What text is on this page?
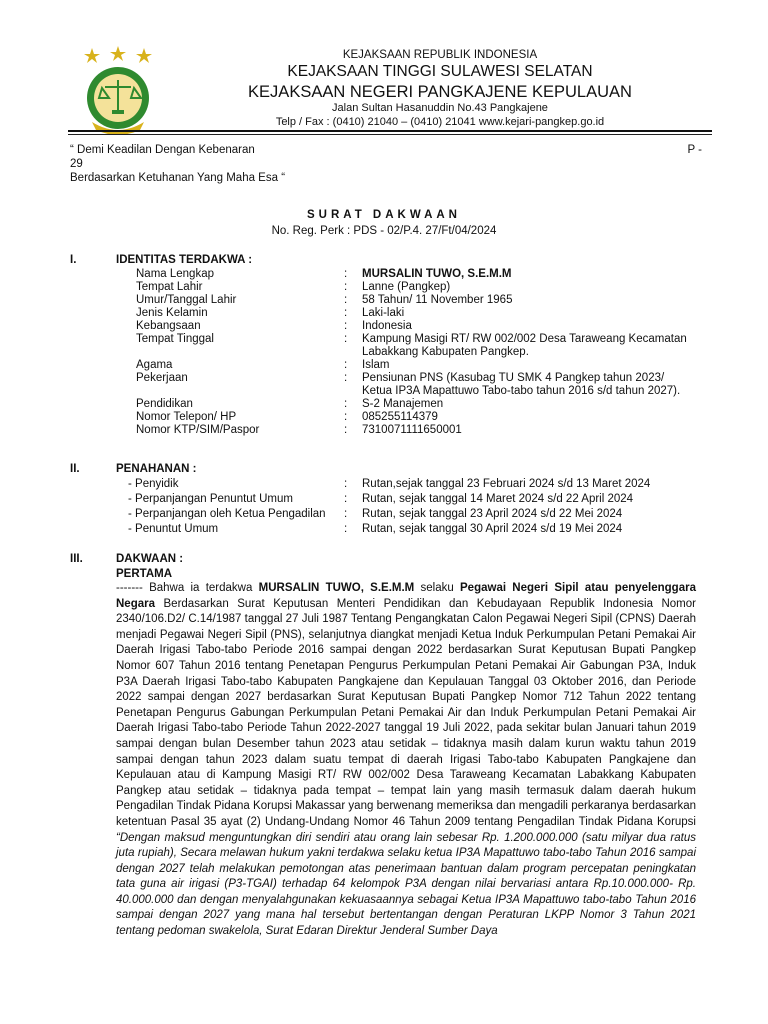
KEJAKSAAN REPUBLIK INDONESIA
KEJAKSAAN TINGGI SULAWESI SELATAN
KEJAKSAAN NEGERI PANGKAJENE KEPULAUAN
Jalan Sultan Hasanuddin No.43 Pangkajene
Telp / Fax : (0410) 21040 – (0410) 21041 www.kejari-pangkep.go.id
“ Demi Keadilan Dengan Kebenaran
29
Berdasarkan Ketuhanan Yang Maha Esa “
P -
SURAT DAKWAAN
No. Reg. Perk : PDS - 02/P.4. 27/Ft/04/2024
I.	IDENTITAS TERDAKWA :
Nama Lengkap	: MURSALIN TUWO, S.E.M.M
Tempat Lahir	: Lanne (Pangkep)
Umur/Tanggal Lahir	: 58 Tahun/ 11 November 1965
Jenis Kelamin	: Laki-laki
Kebangsaan	: Indonesia
Tempat Tinggal	: Kampung Masigi RT/ RW 002/002 Desa Taraweang Kecamatan
Labakkang Kabupaten Pangkep.
Agama	: Islam
Pekerjaan	: Pensiunan PNS (Kasubag TU SMK 4 Pangkep tahun 2023/
Ketua IP3A Mapattuwo Tabo-tabo tahun 2016 s/d tahun 2027).
Pendidikan	: S-2 Manajemen
Nomor Telepon/ HP	: 085255114379
Nomor KTP/SIM/Paspor	: 7310071111650001
II.	PENAHANAN :
- Penyidik	: Rutan,sejak tanggal 23 Februari 2024 s/d 13 Maret 2024
- Perpanjangan Penuntut Umum	: Rutan, sejak tanggal 14 Maret 2024 s/d 22 April 2024
- Perpanjangan oleh Ketua Pengadilan : Rutan, sejak tanggal 23 April 2024 s/d 22 Mei 2024
- Penuntut Umum	: Rutan, sejak tanggal 30 April 2024 s/d 19 Mei 2024
III.	DAKWAAN :
PERTAMA
------- Bahwa ia terdakwa MURSALIN TUWO, S.E.M.M selaku Pegawai Negeri Sipil atau penyelenggara Negara Berdasarkan Surat Keputusan Menteri Pendidikan dan Kebudayaan Republik Indonesia Nomor 2340/106.D2/ C.14/1987 tanggal 27 Juli 1987 Tentang Pengangkatan Calon Pegawai Negeri Sipil (CPNS) Daerah menjadi Pegawai Negeri Sipil (PNS), selanjutnya diangkat menjadi Ketua Induk Perkumpulan Petani Pemakai Air Daerah Irigasi Tabo-tabo Periode 2016 sampai dengan 2022 berdasarkan Surat Keputusan Bupati Pangkep Nomor 607 Tahun 2016 tentang Penetapan Pengurus Perkumpulan Petani Pemakai Air Gabungan P3A, Induk P3A Daerah Irigasi Tabo-tabo Kabupaten Pangkajene dan Kepulauan Tanggal 03 Oktober 2016, dan Periode 2022 sampai dengan 2027 berdasarkan Surat Keputusan Bupati Pangkep Nomor 712 Tahun 2022 tentang Penetapan Pengurus Gabungan Perkumpulan Petani Pemakai Air dan Induk Perkumpulan Petani Pemakai Air Daerah Irigasi Tabo-tabo Periode Tahun 2022-2027 tanggal 19 Juli 2022, pada sekitar bulan Januari tahun 2019 sampai dengan bulan Desember tahun 2023 atau setidak – tidaknya masih dalam kurun waktu tahun 2019 sampai dengan tahun 2023 dalam suatu tempat di daerah Irigasi Tabo-tabo Kabupaten Pangkajene dan Kepulauan atau di Kampung Masigi RT/ RW 002/002 Desa Taraweang Kecamatan Labakkang Kabupaten Pangkep atau setidak – tidaknya pada tempat – tempat lain yang masih termasuk dalam daerah hukum Pengadilan Tindak Pidana Korupsi Makassar yang berwenang memeriksa dan mengadili perkaranya berdasarkan ketentuan Pasal 35 ayat (2) Undang-Undang Nomor 46 Tahun 2009 tentang Pengadilan Tindak Pidana Korupsi “Dengan maksud menguntungkan diri sendiri atau orang lain sebesar Rp. 1.200.000.000 (satu milyar dua ratus juta rupiah), Secara melawan hukum yakni terdakwa selaku ketua IP3A Mapattuwo tabo-tabo Tahun 2016 sampai dengan 2027 telah melakukan pemotongan atas penerimaan bantuan dalam program percepatan peningkatan tata guna air irigasi (P3-TGAI) terhadap 64 kelompok P3A dengan nilai bervariasi antara Rp.10.000.000- Rp. 40.000.000 dan dengan menyalahgunakan kekuasaannya sebagai Ketua IP3A Mapattuwo tabo-tabo Tahun 2016 sampai dengan 2027 yang mana hal tersebut bertentangan dengan Peraturan LKPP Nomor 3 Tahun 2021 tentang pedoman swakelola, Surat Edaran Direktur Jenderal Sumber Daya
